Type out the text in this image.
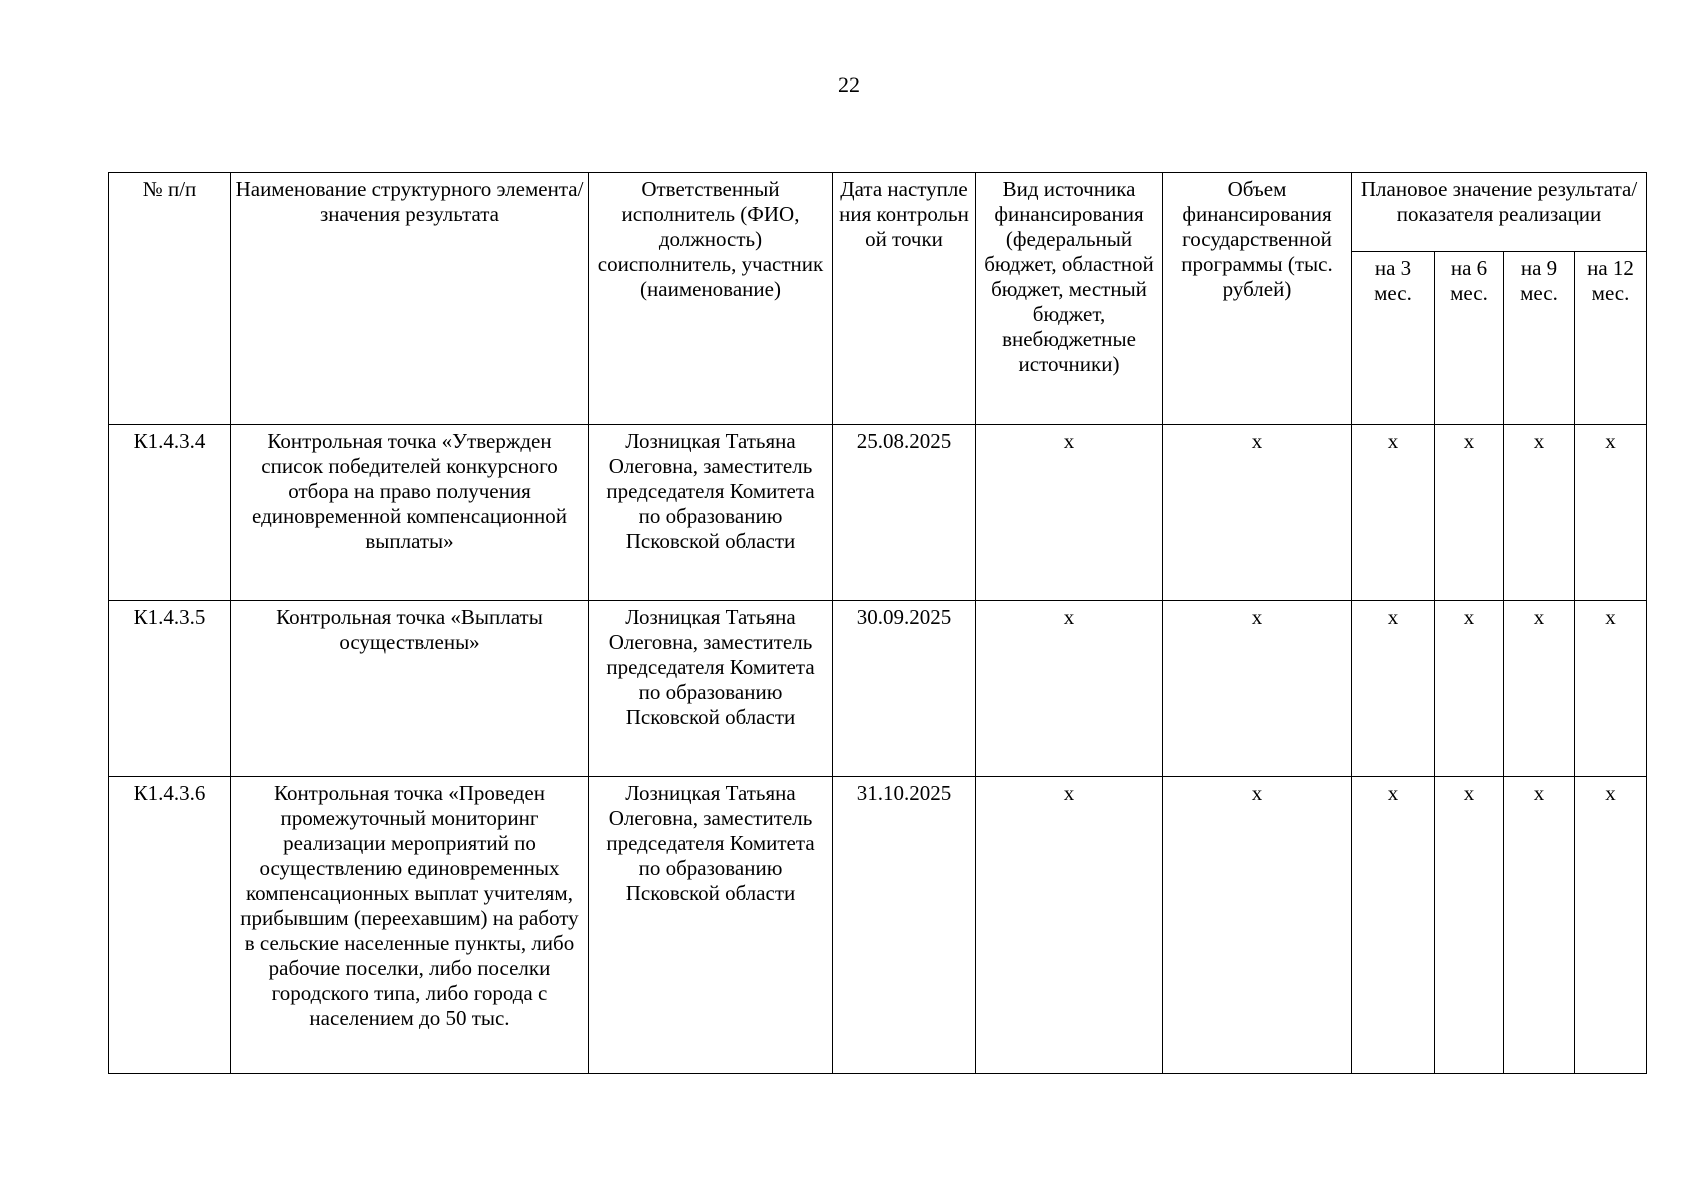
22
№ п/п	Наименование структурного элемента/ значения результата	Ответственный исполнитель (ФИО, должность) соисполнитель, участник (наименование)	Дата наступления контрольной точки	Вид источника финансирования (федеральный бюджет, областной бюджет, местный бюджет, внебюджетные источники)	Объем финансирования государственной программы (тыс. рублей)	Плановое значение результата/показателя реализации			
						на 3 мес.	на 6 мес.	на 9 мес.	на 12 мес.
К1.4.3.4	Контрольная точка «Утвержден список победителей конкурсного отбора на право получения единовременной компенсационной выплаты»	Лозницкая Татьяна Олеговна, заместитель председателя Комитета по образованию Псковской области	25.08.2025	х	х	х	х	х	х
К1.4.3.5	Контрольная точка «Выплаты осуществлены»	Лозницкая Татьяна Олеговна, заместитель председателя Комитета по образованию Псковской области	30.09.2025	х	х	х	х	х	х
К1.4.3.6	Контрольная точка «Проведен промежуточный мониторинг реализации мероприятий по осуществлению единовременных компенсационных выплат учителям, прибывшим (переехавшим) на работу в сельские населенные пункты, либо рабочие поселки, либо поселки городского типа, либо города с населением до 50 тыс.	Лозницкая Татьяна Олеговна, заместитель председателя Комитета по образованию Псковской области	31.10.2025	х	х	х	х	х	х
